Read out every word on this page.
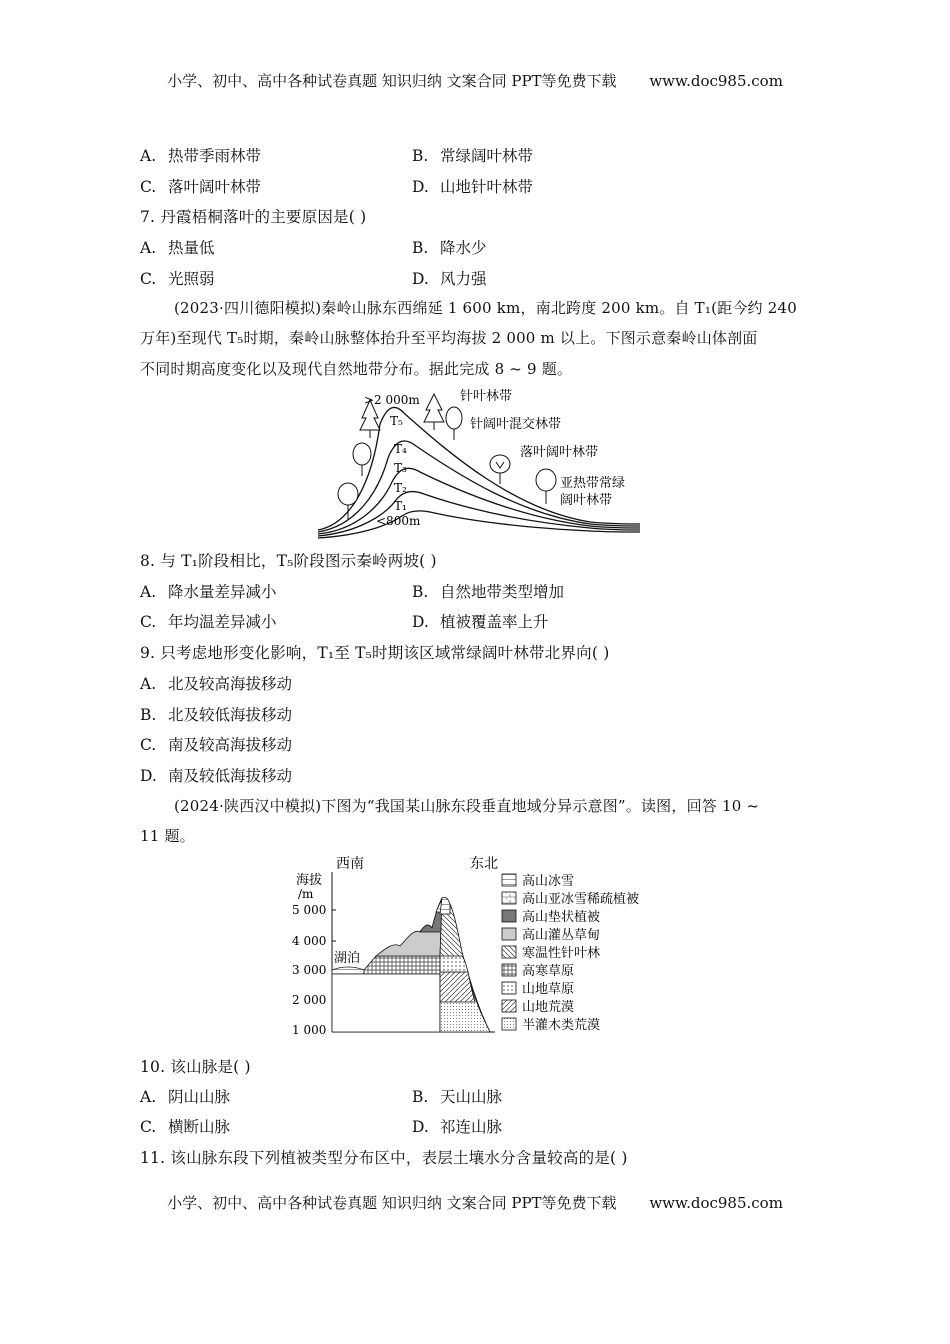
小学、初中、高中各种试卷真题 知识归纳 文案合同 PPT等免费下载 www.doc985.com
A. 热带季雨林带	B. 常绿阔叶林带
C. 落叶阔叶林带	D. 山地针叶林带
7. 丹霞梧桐落叶的主要原因是( )
A. 热量低	B. 降水少
C. 光照弱	D. 风力强
(2023·四川德阳模拟)秦岭山脉东西绵延 1 600 km，南北跨度 200 km。自 T₁(距今约 240
万年)至现代 T₅时期，秦岭山脉整体抬升至平均海拔 2 000 m 以上。下图示意秦岭山体剖面
不同时期高度变化以及现代自然地带分布。据此完成 8 ~ 9 题。
>2 000m
<800m
T₅
T₄
T₃
T₂
T₁
针叶林带
针阔叶混交林带
落叶阔叶林带
亚热带常绿
阔叶林带
8. 与 T₁阶段相比，T₅阶段图示秦岭两坡( )
A. 降水量差异减小	B. 自然地带类型增加
C. 年均温差异减小	D. 植被覆盖率上升
9. 只考虑地形变化影响，T₁至 T₅时期该区域常绿阔叶林带北界向( )
A. 北及较高海拔移动
B. 北及较低海拔移动
C. 南及较高海拔移动
D. 南及较低海拔移动
(2024·陕西汉中模拟)下图为“我国某山脉东段垂直地域分异示意图”。读图，回答 10 ~
11 题。
西南	东北
海拔
/m
5 000
4 000
3 000
2 000
1 000
湖泊
高山冰雪
高山亚冰雪稀疏植被
高山垫状植被
高山灌丛草甸
寒温性针叶林
高寒草原
山地草原
山地荒漠
半灌木类荒漠
10. 该山脉是( )
A. 阴山山脉	B. 天山山脉
C. 横断山脉	D. 祁连山脉
11. 该山脉东段下列植被类型分布区中，表层土壤水分含量较高的是( )
小学、初中、高中各种试卷真题 知识归纳 文案合同 PPT等免费下载 www.doc985.com
